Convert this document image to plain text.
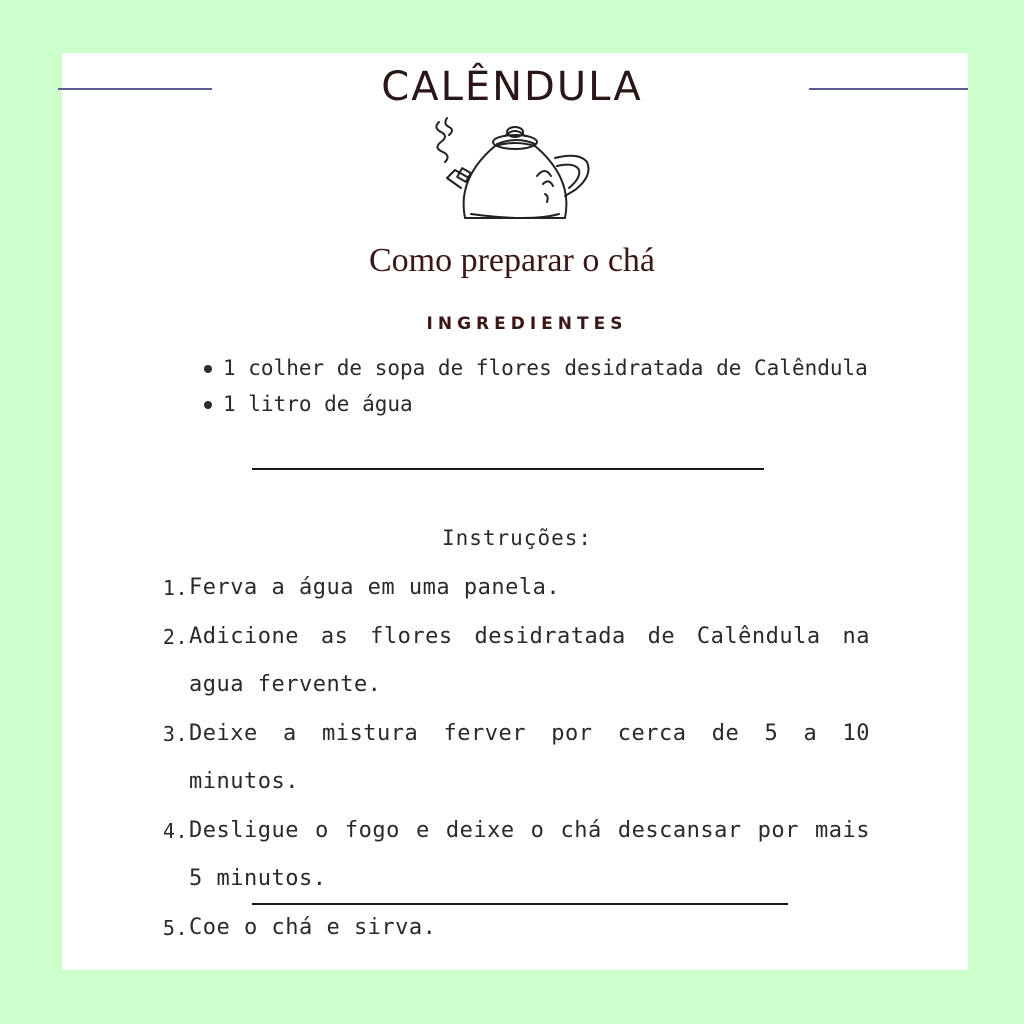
CALÊNDULA
Como preparar o chá
INGREDIENTES
1 colher de sopa de flores desidratada de Calêndula
1 litro de água
Instruções:
1. Ferva a água em uma panela.
2. Adicione as flores desidratada de Calêndula na agua fervente.
3. Deixe a mistura ferver por cerca de 5 a 10 minutos.
4. Desligue o fogo e deixe o chá descansar por mais 5 minutos.
5. Coe o chá e sirva.
